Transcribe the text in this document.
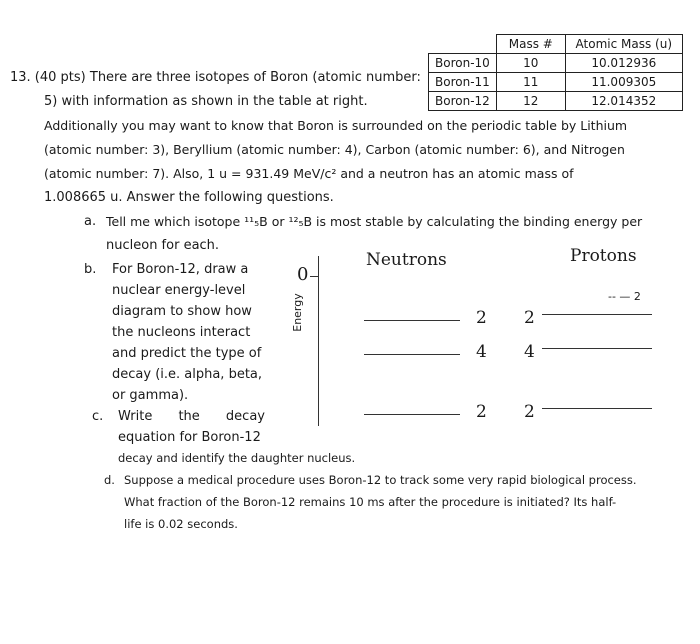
	Mass #	Atomic Mass (u)
Boron-10	10	10.012936
Boron-11	11	11.009305
Boron-12	12	12.014352
13. (40 pts) There are three isotopes of Boron (atomic number:
5) with information as shown in the table at right.
Additionally you may want to know that Boron is surrounded on the periodic table by Lithium
(atomic number: 3), Beryllium (atomic number: 4), Carbon (atomic number: 6), and Nitrogen
(atomic number: 7). Also, 1 u = 931.49 MeV/c² and a neutron has an atomic mass of
1.008665 u. Answer the following questions.
a. Tell me which isotope ¹¹₅B or ¹²₅B is most stable by calculating the binding energy per
nucleon for each.
b. For Boron-12, draw a
nuclear energy-level
diagram to show how
the nucleons interact
and predict the type of
decay (i.e. alpha, beta,
or gamma).
c. Write the decay
equation for Boron-12
decay and identify the daughter nucleus.
d. Suppose a medical procedure uses Boron-12 to track some very rapid biological process.
What fraction of the Boron-12 remains 10 ms after the procedure is initiated? Its half-
life is 0.02 seconds.
0
Energy
Neutrons	Protons
-- — 2
2 2
4 4
2 2
